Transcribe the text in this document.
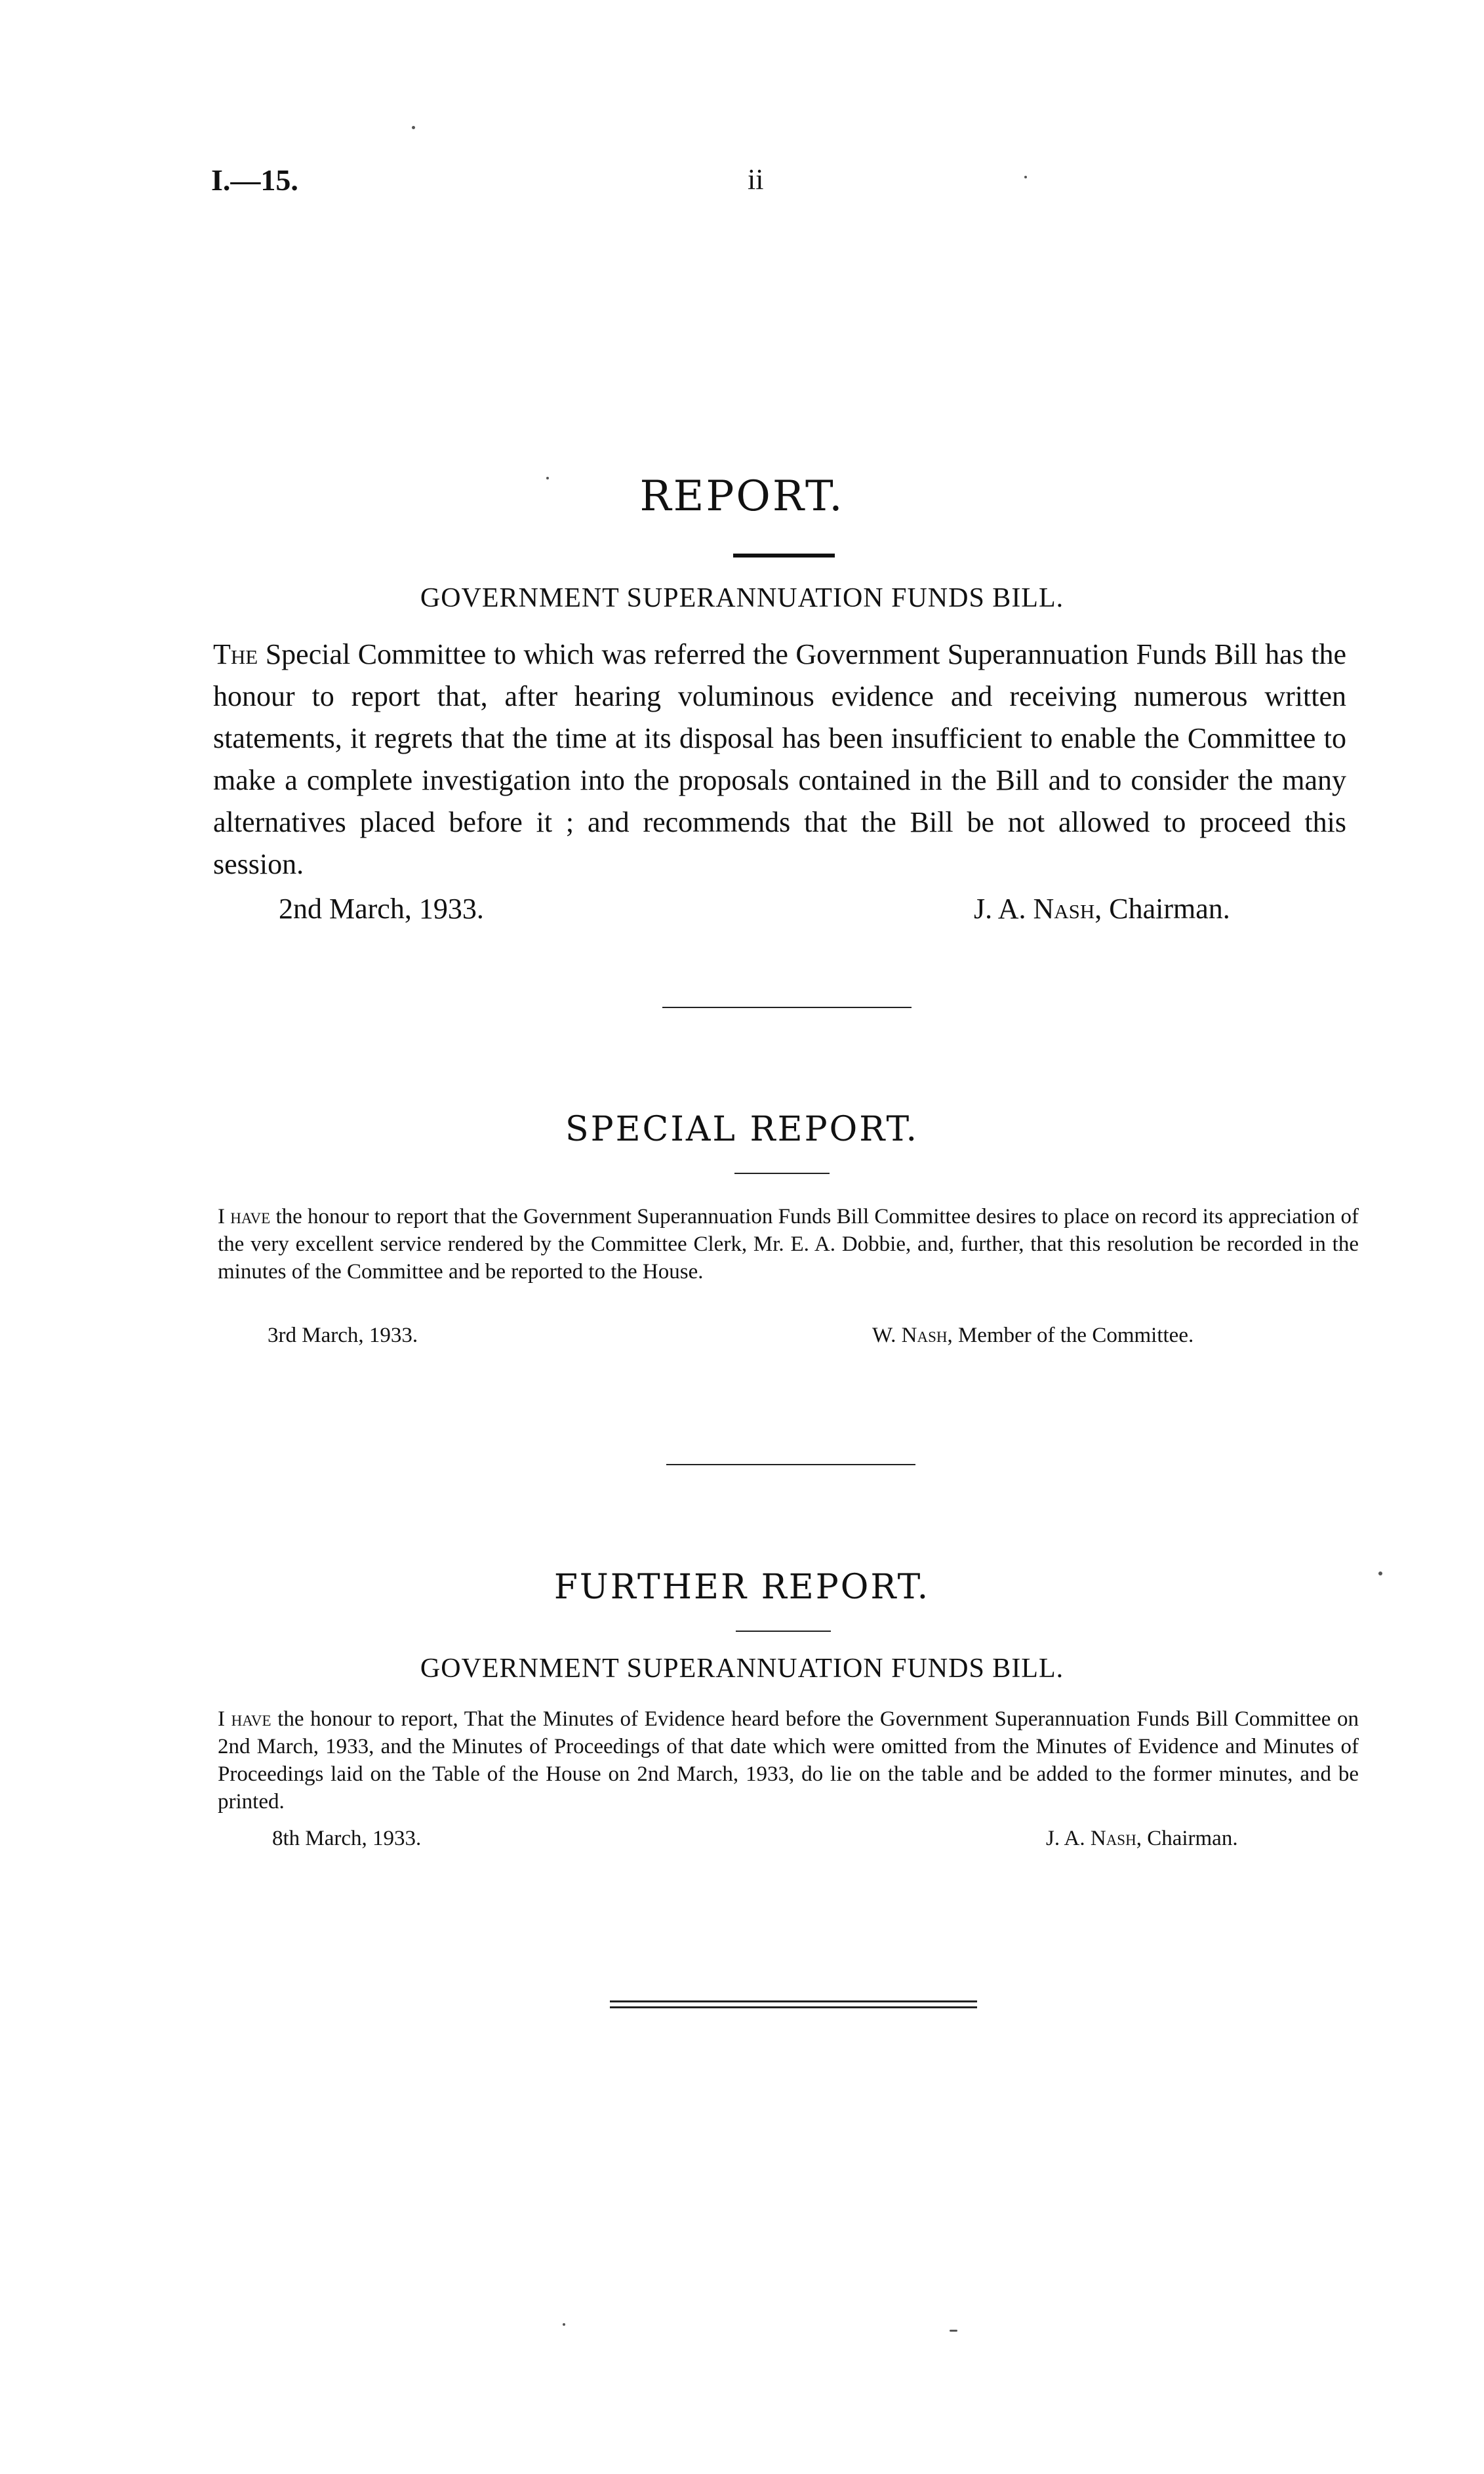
I.—15.	ii
REPORT.
GOVERNMENT SUPERANNUATION FUNDS BILL.
The Special Committee to which was referred the Government Superannuation Funds Bill has the honour to report that, after hearing voluminous evidence and receiving numerous written statements, it regrets that the time at its disposal has been insufficient to enable the Committee to make a complete investigation into the proposals contained in the Bill and to consider the many alternatives placed before it ; and recommends that the Bill be not allowed to proceed this session.
2nd March, 1933.	J. A. Nash, Chairman.
SPECIAL REPORT.
I have the honour to report that the Government Superannuation Funds Bill Committee desires to place on record its appreciation of the very excellent service rendered by the Committee Clerk, Mr. E. A. Dobbie, and, further, that this resolution be recorded in the minutes of the Committee and be reported to the House.
3rd March, 1933.	W. Nash, Member of the Committee.
FURTHER REPORT.
GOVERNMENT SUPERANNUATION FUNDS BILL.
I have the honour to report, That the Minutes of Evidence heard before the Government Superannuation Funds Bill Committee on 2nd March, 1933, and the Minutes of Proceedings of that date which were omitted from the Minutes of Evidence and Minutes of Proceedings laid on the Table of the House on 2nd March, 1933, do lie on the table and be added to the former minutes, and be printed.
8th March, 1933.	J. A. Nash, Chairman.
